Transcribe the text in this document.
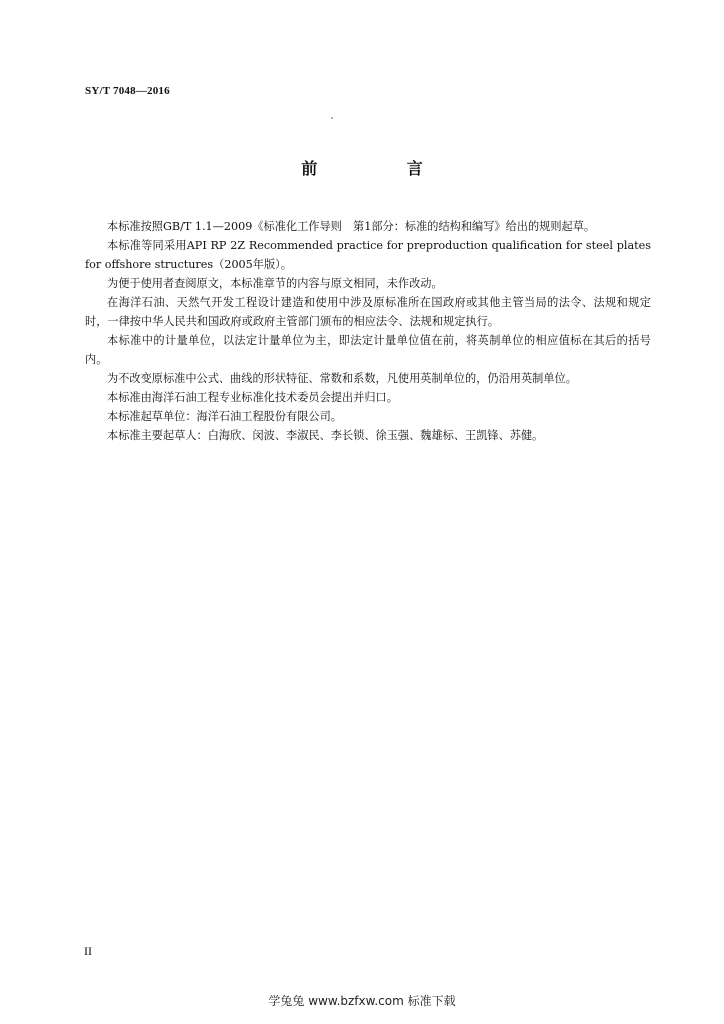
SY/T 7048—2016
前 言

本标准按照GB/T 1.1—2009《标准化工作导则　第1部分：标准的结构和编写》给出的规则起草。

本标准等同采用API RP 2Z Recommended practice for preproduction qualification for steel plates for offshore structures（2005年版）。

为便于使用者查阅原文，本标准章节的内容与原文相同，未作改动。

在海洋石油、天然气开发工程设计建造和使用中涉及原标准所在国政府或其他主管当局的法令、法规和规定时，一律按中华人民共和国政府或政府主管部门颁布的相应法令、法规和规定执行。

本标准中的计量单位，以法定计量单位为主，即法定计量单位值在前，将英制单位的相应值标在其后的括号内。

为不改变原标准中公式、曲线的形状特征、常数和系数，凡使用英制单位的，仍沿用英制单位。

本标准由海洋石油工程专业标准化技术委员会提出并归口。

本标准起草单位：海洋石油工程股份有限公司。

本标准主要起草人：白海欣、闵波、李淑民、李长锁、徐玉强、魏雄标、王凯锋、苏健。

II
学兔兔 www.bzfxw.com 标准下载
